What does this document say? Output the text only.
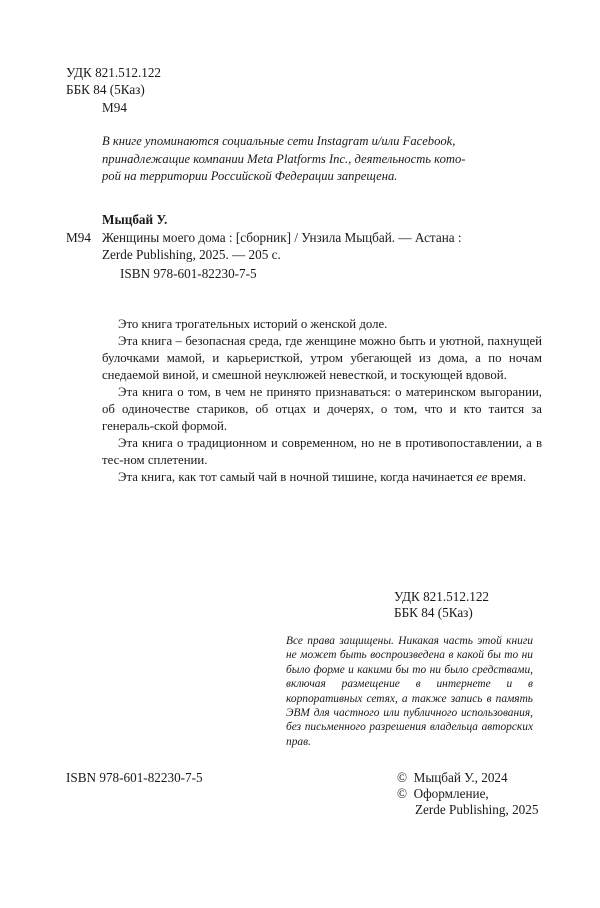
УДК 821.512.122
ББК 84 (5Каз)
М94
В книге упоминаются социальные сети Instagram и/или Facebook,
принадлежащие компании Meta Platforms Inc., деятельность кото-
рой на территории Российской Федерации запрещена.
Мыцбай У.
М94 Женщины моего дома : [сборник] / Унзила Мыцбай. — Астана :
Zerde Publishing, 2025. — 205 с.
ISBN 978-601-82230-7-5

Это книга трогательных историй о женской доле.

Эта книга – безопасная среда, где женщине можно быть и уютной, пахнущей булочками мамой, и карьеристкой, утром убегающей из дома, а по ночам снедаемой виной, и смешной неуклюжей невесткой, и тоскующей вдовой.

Эта книга о том, в чем не принято признаваться: о материнском выгорании, об одиночестве стариков, об отцах и дочерях, о том, что и кто таится за генераль-ской формой.

Эта книга о традиционном и современном, но не в противопоставлении, а в тес-ном сплетении.

Эта книга, как тот самый чай в ночной тишине, когда начинается ее время.

УДК 821.512.122
ББК 84 (5Каз)
Все права защищены. Никакая часть этой книги не может быть воспроизведена в какой бы то ни было форме и какими бы то ни было средствами, включая размещение в интернете и в корпоративных сетях, а также запись в память ЭВМ для частного или публичного использования, без письменного разрешения владельца авторских прав.
ISBN 978-601-82230-7-5	©  Мыцбай У., 2024
©  Оформление,
Zerde Publishing, 2025
